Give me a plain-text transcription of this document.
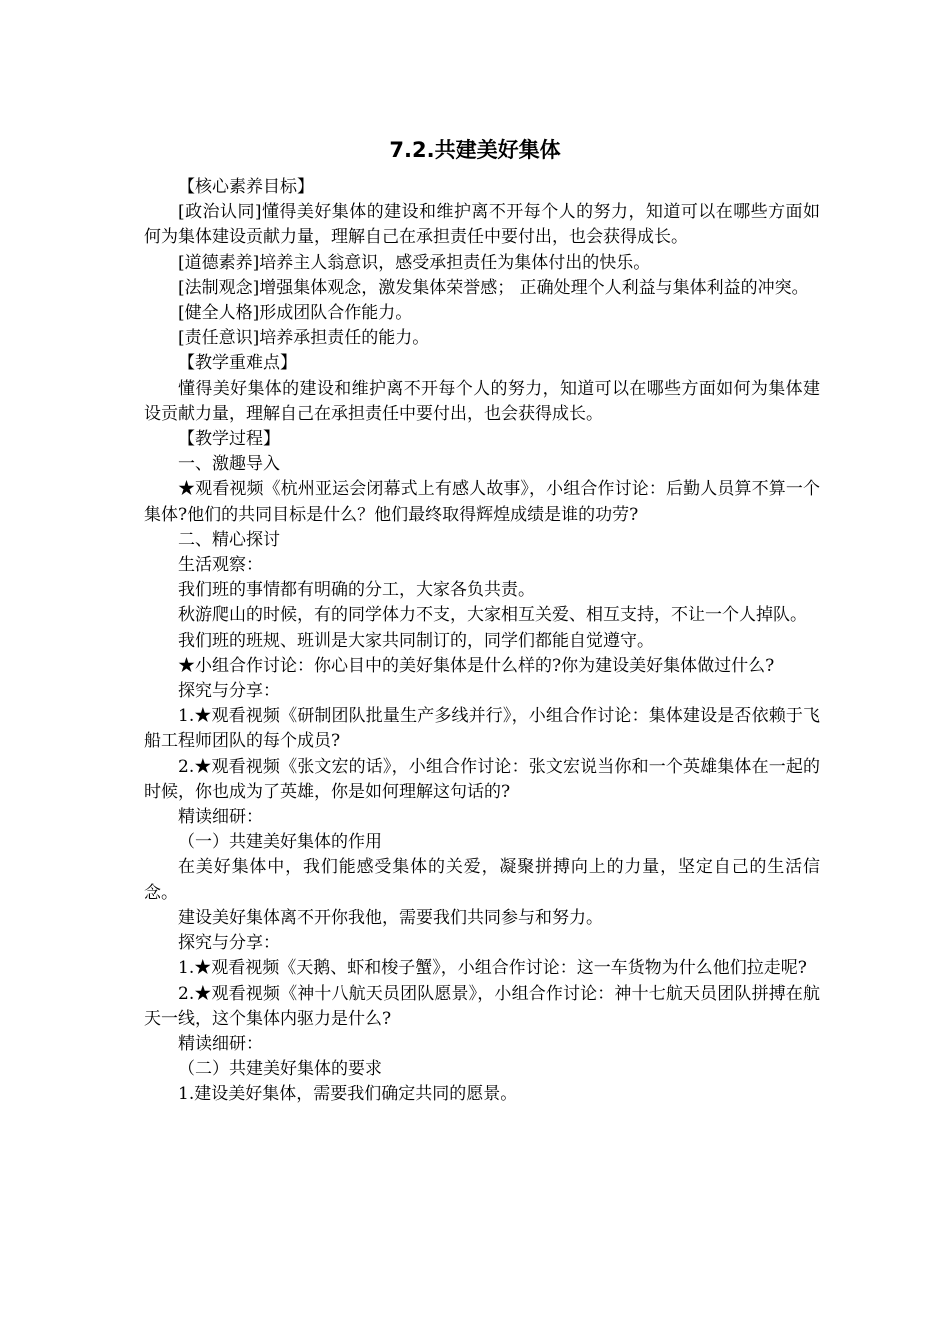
7.2.共建美好集体

【核心素养目标】

[政治认同]懂得美好集体的建设和维护离不开每个人的努力，知道可以在哪些方面如何为集体建设贡献力量，理解自己在承担责任中要付出，也会获得成长。

[道德素养]培养主人翁意识，感受承担责任为集体付出的快乐。

[法制观念]增强集体观念，激发集体荣誉感； 正确处理个人利益与集体利益的冲突。

[健全人格]形成团队合作能力。

[责任意识]培养承担责任的能力。

【教学重难点】

懂得美好集体的建设和维护离不开每个人的努力，知道可以在哪些方面如何为集体建设贡献力量，理解自己在承担责任中要付出，也会获得成长。

【教学过程】

一、激趣导入

★观看视频《杭州亚运会闭幕式上有感人故事》，小组合作讨论：后勤人员算不算一个集体?他们的共同目标是什么？他们最终取得辉煌成绩是谁的功劳?

二、精心探讨

生活观察：

我们班的事情都有明确的分工，大家各负共责。

秋游爬山的时候，有的同学体力不支，大家相互关爱、相互支持，不让一个人掉队。

我们班的班规、班训是大家共同制订的，同学们都能自觉遵守。

★小组合作讨论：你心目中的美好集体是什么样的?你为建设美好集体做过什么?

探究与分享：

1.★观看视频《研制团队批量生产多线并行》，小组合作讨论：集体建设是否依赖于飞船工程师团队的每个成员?

2.★观看视频《张文宏的话》，小组合作讨论：张文宏说当你和一个英雄集体在一起的时候，你也成为了英雄，你是如何理解这句话的?

精读细研：

（一）共建美好集体的作用

在美好集体中，我们能感受集体的关爱，凝聚拼搏向上的力量，坚定自己的生活信念。

建设美好集体离不开你我他，需要我们共同参与和努力。

探究与分享：

1.★观看视频《天鹅、虾和梭子蟹》，小组合作讨论：这一车货物为什么他们拉走呢?

2.★观看视频《神十八航天员团队愿景》，小组合作讨论：神十七航天员团队拼搏在航天一线，这个集体内驱力是什么?

精读细研：

（二）共建美好集体的要求

1.建设美好集体，需要我们确定共同的愿景。
